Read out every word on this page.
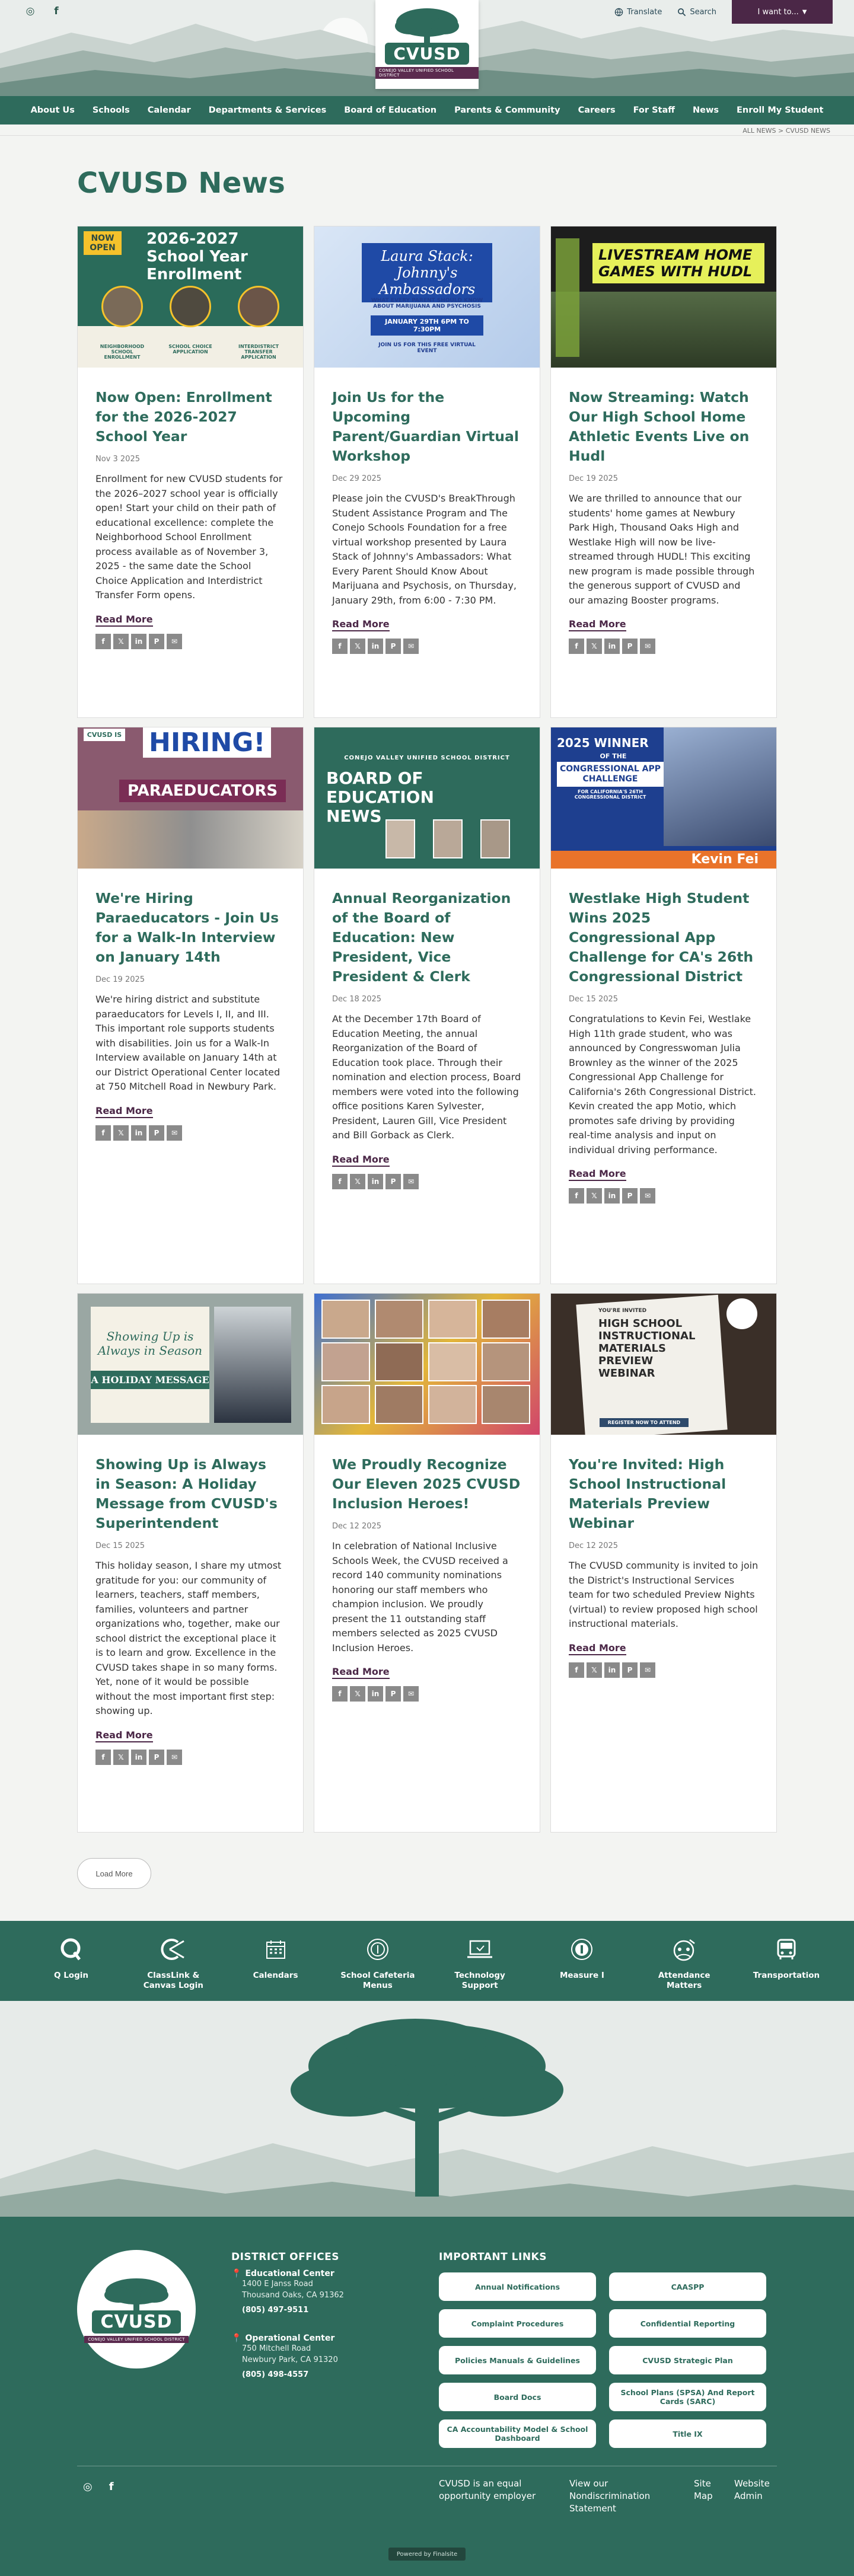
◎	f	Translate	Search	I want to... ▼
CVUSD
CONEJO VALLEY UNIFIED SCHOOL DISTRICT
About Us	Schools	Calendar	Departments & Services	Board of Education	Parents & Community	Careers	For Staff	News	Enroll My Student
ALL NEWS > CVUSD NEWS
CVUSD News
NOW OPEN	2026-2027 School Year Enrollment
NEIGHBORHOOD SCHOOL ENROLLMENT
SCHOOL CHOICE APPLICATION
INTERDISTRICT TRANSFER APPLICATION
Now Open: Enrollment for the 2026-2027 School Year
Nov 3 2025

Enrollment for new CVUSD students for the 2026–2027 school year is officially open! Start your child on their path of educational excellence: complete the Neighborhood School Enrollment process available as of November 3, 2025 - the same date the School Choice Application and Interdistrict Transfer Form opens.

Read More
f	𝕏	in	P	✉
Laura Stack: Johnny's Ambassadors
WHAT EVERY PARENT SHOULD KNOW ABOUT MARIJUANA AND PSYCHOSIS
JANUARY 29TH 6PM TO 7:30PM
JOIN US FOR THIS FREE VIRTUAL EVENT
Join Us for the Upcoming Parent/Guardian Virtual Workshop
Dec 29 2025

Please join the CVUSD's BreakThrough Student Assistance Program and The Conejo Schools Foundation for a free virtual workshop presented by Laura Stack of Johnny's Ambassadors: What Every Parent Should Know About Marijuana and Psychosis, on Thursday, January 29th, from 6:00 - 7:30 PM.

Read More
f	𝕏	in	P	✉
LIVESTREAM HOME GAMES WITH HUDL
Now Streaming: Watch Our High School Home Athletic Events Live on Hudl
Dec 19 2025

We are thrilled to announce that our students' home games at Newbury Park High, Thousand Oaks High and Westlake High will now be live-streamed through HUDL! This exciting new program is made possible through the generous support of CVUSD and our amazing Booster programs.

Read More
f	𝕏	in	P	✉
CVUSD IS HIRING!
PARAEDUCATORS
We're Hiring Paraeducators - Join Us for a Walk-In Interview on January 14th
Dec 19 2025

We're hiring district and substitute paraeducators for Levels I, II, and III. This important role supports students with disabilities. Join us for a Walk-In Interview available on January 14th at our District Operational Center located at 750 Mitchell Road in Newbury Park.

Read More
f	𝕏	in	P	✉
CONEJO VALLEY UNIFIED SCHOOL DISTRICT
BOARD OF EDUCATION NEWS
Annual Reorganization of the Board of Education: New President, Vice President & Clerk
Dec 18 2025

At the December 17th Board of Education Meeting, the annual Reorganization of the Board of Education took place. Through their nomination and election process, Board members were voted into the following office positions Karen Sylvester, President, Lauren Gill, Vice President and Bill Gorback as Clerk.

Read More
f	𝕏	in	P	✉
2025 WINNER
OF THE
CONGRESSIONAL APP CHALLENGE
FOR CALIFORNIA'S 26TH CONGRESSIONAL DISTRICT
Kevin Fei
Westlake High Student Wins 2025 Congressional App Challenge for CA's 26th Congressional District
Dec 15 2025

Congratulations to Kevin Fei, Westlake High 11th grade student, who was announced by Congresswoman Julia Brownley as the winner of the 2025 Congressional App Challenge for California's 26th Congressional District. Kevin created the app Motio, which promotes safe driving by providing real-time analysis and input on individual driving performance.

Read More
f	𝕏	in	P	✉
Showing Up is Always in Season
A HOLIDAY MESSAGE
Showing Up is Always in Season: A Holiday Message from CVUSD's Superintendent
Dec 15 2025

This holiday season, I share my utmost gratitude for you: our community of learners, teachers, staff members, families, volunteers and partner organizations who, together, make our school district the exceptional place it is to learn and grow. Excellence in the CVUSD takes shape in so many forms. Yet, none of it would be possible without the most important first step: showing up.

Read More
f	𝕏	in	P	✉
We Proudly Recognize Our Eleven 2025 CVUSD Inclusion Heroes!
Dec 12 2025

In celebration of National Inclusive Schools Week, the CVUSD received a record 140 community nominations honoring our staff members who champion inclusion. We proudly present the 11 outstanding staff members selected as 2025 CVUSD Inclusion Heroes.

Read More
f	𝕏	in	P	✉
YOU'RE INVITED
HIGH SCHOOL INSTRUCTIONAL MATERIALS PREVIEW WEBINAR
REGISTER NOW TO ATTEND
You're Invited: High School Instructional Materials Preview Webinar
Dec 12 2025

The CVUSD community is invited to join the District's Instructional Services team for two scheduled Preview Nights (virtual) to review proposed high school instructional materials.

Read More
f	𝕏	in	P	✉
Load More
Q Login	ClassLink & Canvas Login
Calendars	School Cafeteria Menus
Technology Support
Measure I	Attendance Matters
Transportation
CVUSD
CONEJO VALLEY UNIFIED SCHOOL DISTRICT
DISTRICT OFFICES
📍 Educational Center
1400 E Janss Road
Thousand Oaks, CA 91362
(805) 497-9511
📍 Operational Center
750 Mitchell Road
Newbury Park, CA 91320
(805) 498-4557
IMPORTANT LINKS
Annual Notifications	CAASPP
Complaint Procedures	Confidential Reporting
Policies Manuals & Guidelines	CVUSD Strategic Plan
Board Docs	School Plans (SPSA) And Report Cards (SARC)
CA Accountability Model & School Dashboard	Title IX
◎ f	CVUSD is an equal
opportunity employer
View our
Nondiscrimination
Statement
Site
Map
Website
Admin
Powered by Finalsite
